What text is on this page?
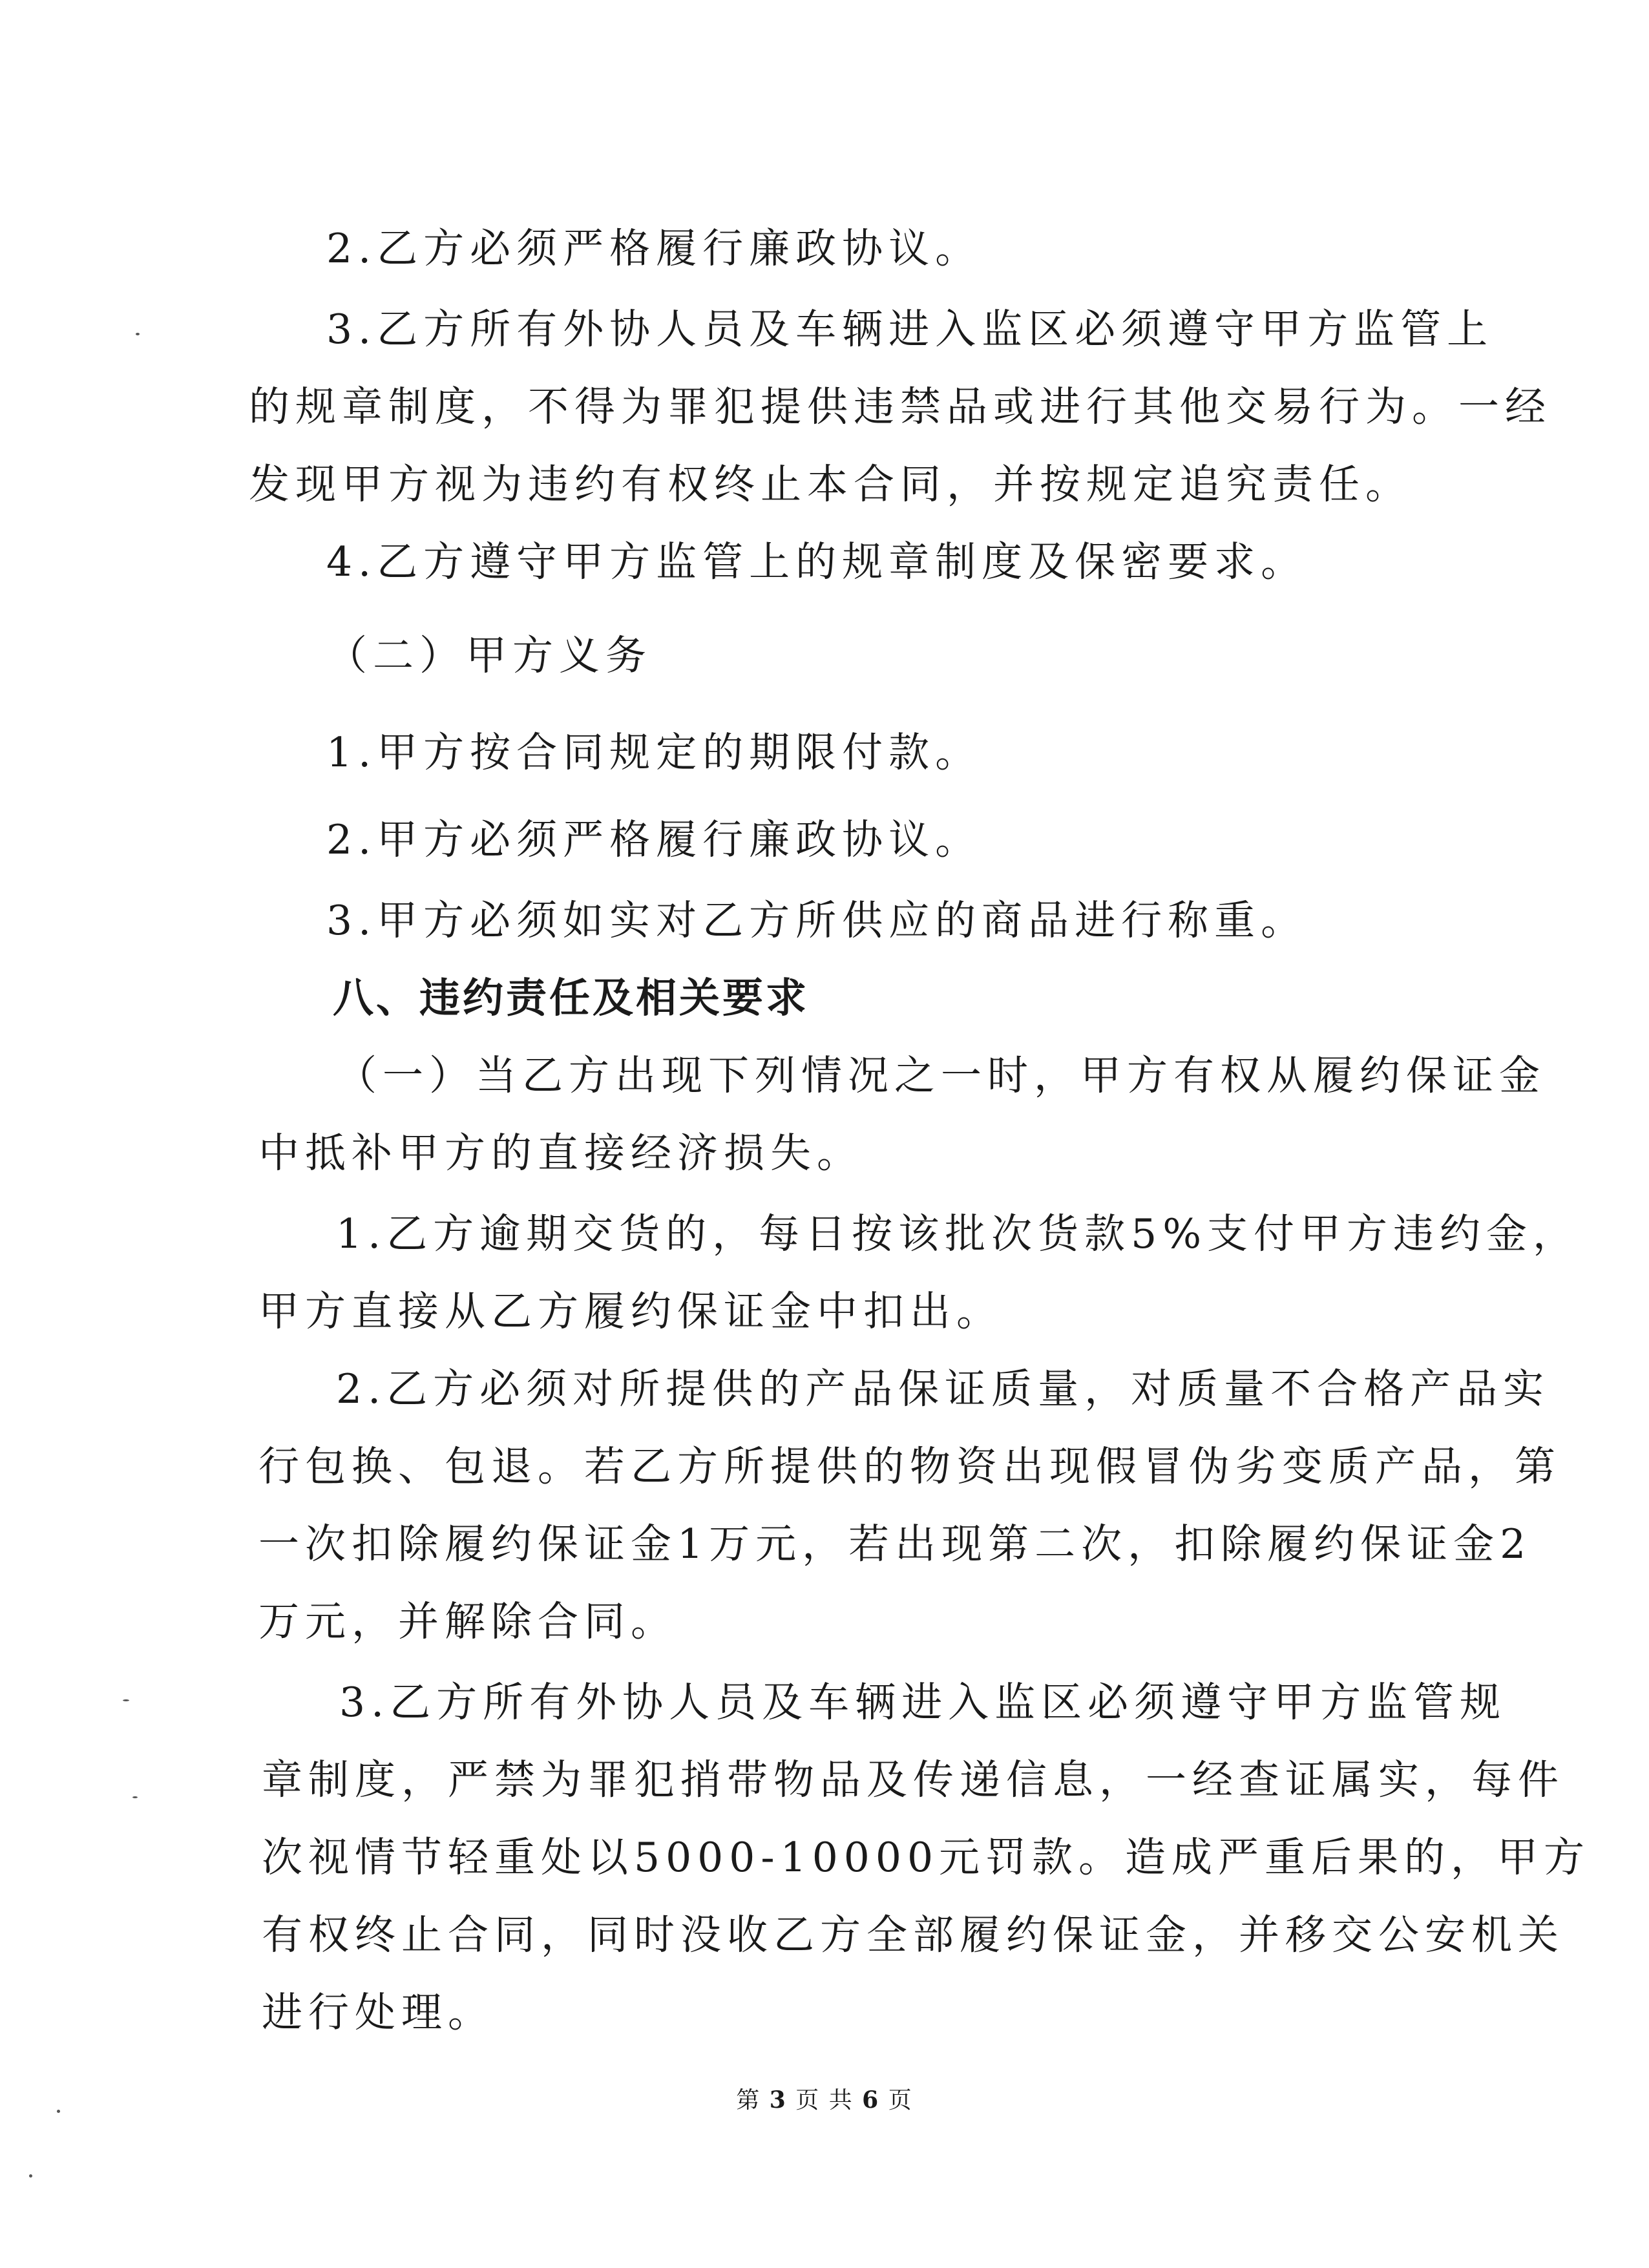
2.乙方必须严格履行廉政协议。
3.乙方所有外协人员及车辆进入监区必须遵守甲方监管上
的规章制度，不得为罪犯提供违禁品或进行其他交易行为。一经
发现甲方视为违约有权终止本合同，并按规定追究责任。
4.乙方遵守甲方监管上的规章制度及保密要求。
（二）甲方义务
1.甲方按合同规定的期限付款。
2.甲方必须严格履行廉政协议。
3.甲方必须如实对乙方所供应的商品进行称重。
八、违约责任及相关要求
（一）当乙方出现下列情况之一时，甲方有权从履约保证金
中抵补甲方的直接经济损失。
1.乙方逾期交货的，每日按该批次货款5%支付甲方违约金，
甲方直接从乙方履约保证金中扣出。
2.乙方必须对所提供的产品保证质量，对质量不合格产品实
行包换、包退。若乙方所提供的物资出现假冒伪劣变质产品，第
一次扣除履约保证金1万元，若出现第二次，扣除履约保证金2
万元，并解除合同。
3.乙方所有外协人员及车辆进入监区必须遵守甲方监管规
章制度，严禁为罪犯捎带物品及传递信息，一经查证属实，每件
次视情节轻重处以5000-10000元罚款。造成严重后果的，甲方
有权终止合同，同时没收乙方全部履约保证金，并移交公安机关
进行处理。
第 3 页 共 6 页
